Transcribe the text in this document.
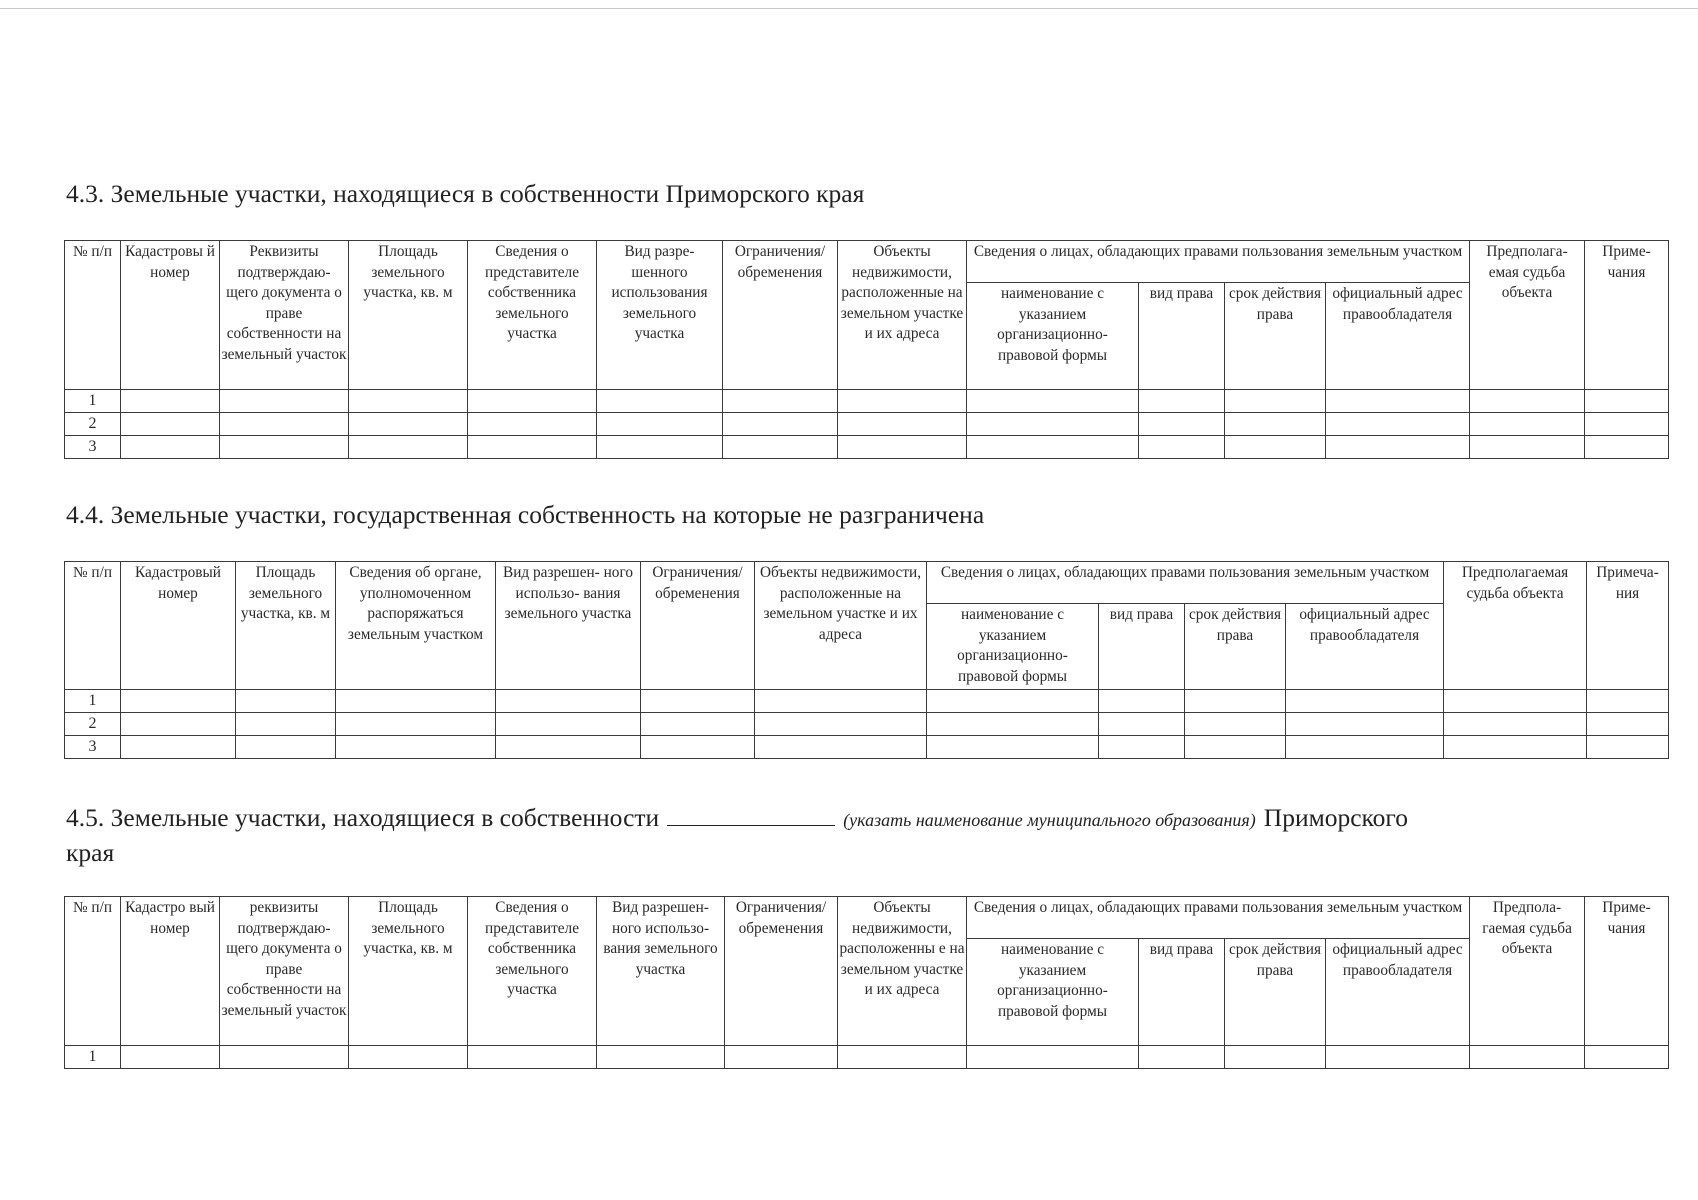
4.3. Земельные участки, находящиеся в собственности Приморского края
№ п/п	Кадастровы й номер	Реквизиты подтверждаю- щего документа о праве собственности на земельный участок	Площадь земельного участка, кв. м	Сведения о представителе собственника земельного участка	Вид разре- шенного использования земельного участка	Ограничения/ обременения	Объекты недвижимости, расположенные на земельном участке и их адреса	Сведения о лицах, обладающих правами пользования земельным участком				Предполага- емая судьба объекта	Приме- чания
								наименование с указанием организационно- правовой формы	вид права	срок действия права	официальный адрес правообладателя		
1													
2													
3													
4.4. Земельные участки, государственная собственность на которые не разграничена
№ п/п	Кадастровый номер	Площадь земельного участка, кв. м	Сведения об органе, уполномоченном распоряжаться земельным участком	Вид разрешен- ного использо- вания земельного участка	Ограничения/ обременения	Объекты недвижимости, расположенные на земельном участке и их адреса	Сведения о лицах, обладающих правами пользования земельным участком				Предполагаемая судьба объекта	Примеча- ния
							наименование с указанием организационно- правовой формы	вид права	срок действия права	официальный адрес правообладателя		
1												
2												
3												
4.5. Земельные участки, находящиеся в собственности	(указать наименование муниципального образования) Приморского
края
№ п/п	Кадастро вый номер	реквизиты подтверждаю- щего документа о праве собственности на земельный участок	Площадь земельного участка, кв. м	Сведения о представителе собственника земельного участка	Вид разрешен- ного использо- вания земельного участка	Ограничения/ обременения	Объекты недвижимости, расположенны е на земельном участке и их адреса	Сведения о лицах, обладающих правами пользования земельным участком				Предпола- гаемая судьба объекта	Приме- чания
								наименование с указанием организационно- правовой формы	вид права	срок действия права	официальный адрес правообладателя		
1													
